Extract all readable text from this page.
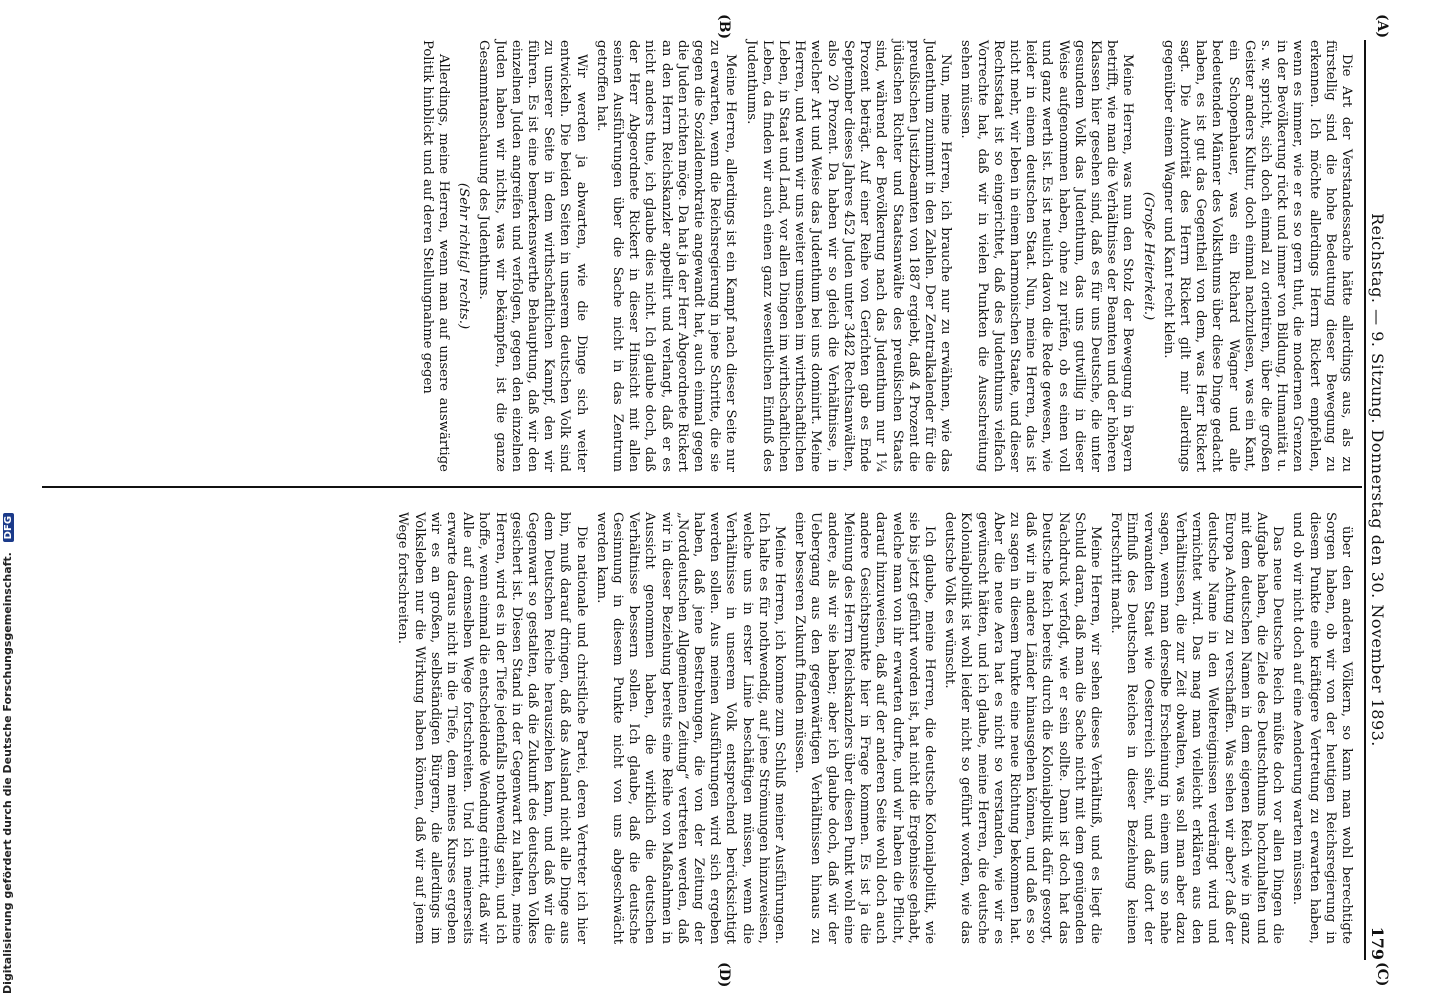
Reichstag. — 9. Sitzung. Donnerstag den 30. November 1893.
179
(A)
(B)
(C)
(D)

Die Art der Verstandessache hätte allerdings aus, als zu fürstellig sind die hohe Bedeutung dieser Bewegung zu erkennen. Ich möchte allerdings Herrn Rickert empfehlen, wenn es immer, wie er es so gern thut, die modernen Grenzen in der Bevölkerung rückt und immer von Bildung, Humanität u. s. w. spricht, sich doch einmal zu orientiren, über die großen Geister anders Kultur, doch einmal nachzulesen, was ein Kant, ein Schopenhauer, was ein Richard Wagner und alle bedeutenden Männer des Volksthums über diese Dinge gedacht haben, es ist gut das Gegentheil von dem, was Herr Rickert sagt. Die Autorität des Herrn Rickert gilt mir allerdings gegenüber einem Wagner und Kant recht klein.

(Große Heiterkeit.)

Meine Herren, was nun den Stolz der Bewegung in Bayern betrifft, wie man die Verhältnisse der Beamten und der höheren Klassen hier gesehen sind, daß es für uns Deutsche, die unter gesundem Volk das Judenthum, das uns gutwillig in dieser Weise aufgenommen haben, ohne zu prüfen, ob es einen voll und ganz werth ist. Es ist neulich davon die Rede gewesen, wie leider in einem deutschen Staat. Nun, meine Herren, das ist nicht mehr, wir leben in einem harmonischen Staate, und dieser Rechtsstaat ist so eingerichtet, daß des Judenthums vielfach Vorrechte hat, daß wir in vielen Punkten die Ausschreitung sehen müssen.

Nun, meine Herren, ich brauche nur zu erwähnen, wie das Judenthum zunimmt in den Zahlen. Der Zentralkalender für die preußischen Justizbeamten von 1887 ergiebt, daß 4 Prozent die jüdischen Richter und Staatsanwälte des preußischen Staats sind, während der Bevölkerung nach das Judenthum nur 1¼ Prozent beträgt. Auf einer Reihe von Gerichten gab es Ende September dieses Jahres 452 Juden unter 3482 Rechtsanwälten, also 20 Prozent. Da haben wir so gleich die Verhältnisse, in welcher Art und Weise das Judenthum bei uns dominirt. Meine Herren, und wenn wir uns weiter umsehen im wirthschaftlichen Leben, in Staat und Land, vor allen Dingen im wirthschaftlichen Leben, da finden wir auch einen ganz wesentlichen Einfluß des Judenthums.

Meine Herren, allerdings ist ein Kampf nach dieser Seite nur zu erwarten, wenn die Reichsregierung in jene Schritte, die sie gegen die Sozialdemokratie angewandt hat, auch einmal gegen die Juden richten möge. Da hat ja der Herr Abgeordnete Rickert an den Herrn Reichskanzler appellirt und verlangt, daß er es nicht anders thue, ich glaube dies nicht. Ich glaube doch, daß der Herr Abgeordnete Rickert in dieser Hinsicht mit allen seinen Ausführungen über die Sache nicht in das Zentrum getroffen hat.

Wir werden ja abwarten, wie die Dinge sich weiter entwickeln. Die beiden Seiten in unserem deutschen Volk sind zu unserer Seite in dem wirthschaftlichen Kampf, den wir führen. Es ist eine bemerkenswerthe Behauptung, daß wir den einzelnen Juden angreifen und verfolgen, gegen den einzelnen Juden haben wir nichts, was wir bekämpfen, ist die ganze Gesammtanschauung des Judenthums.

(Sehr richtig! rechts.)

Allerdings, meine Herren, wenn man auf unsere auswärtige Politik hinblickt und auf deren Stellungnahme gegen

über den anderen Völkern, so kann man wohl berechtigte Sorgen haben, ob wir von der heutigen Reichsregierung in diesem Punkte eine kräftigere Vertretung zu erwarten haben, und ob wir nicht doch auf eine Aenderung warten müssen.

Das neue Deutsche Reich müßte doch vor allen Dingen die Aufgabe haben, die Ziele des Deutschthums hochzuhalten und mit dem deutschen Namen in dem eigenen Reich wie in ganz Europa Achtung zu verschaffen. Was sehen wir aber? daß der deutsche Name in den Weltereignissen verdrängt wird und vernichtet wird. Das mag man vielleicht erklären aus den Verhältnissen, die zur Zeit obwalten, was soll man aber dazu sagen, wenn man derselbe Erscheinung in einem uns so nahe verwandten Staat wie Oesterreich sieht, und daß dort der Einfluß des Deutschen Reiches in dieser Beziehung keinen Fortschritt macht.

Meine Herren, wir sehen dieses Verhältniß, und es liegt die Schuld daran, daß man die Sache nicht mit dem genügenden Nachdruck verfolgt, wie er sein sollte. Dann ist doch hat das Deutsche Reich bereits durch die Kolonialpolitik dafür gesorgt, daß wir in andere Länder hinausgehen können, und daß es so zu sagen in diesem Punkte eine neue Richtung bekommen hat. Aber die neue Aera hat es nicht so verstanden, wie wir es gewünscht hätten, und ich glaube, meine Herren, die deutsche Kolonialpolitik ist wohl leider nicht so geführt worden, wie das deutsche Volk es wünscht.

Ich glaube, meine Herren, die deutsche Kolonialpolitik, wie sie bis jetzt geführt worden ist, hat nicht die Ergebnisse gehabt, welche man von ihr erwarten durfte, und wir haben die Pflicht, darauf hinzuweisen, daß auf der anderen Seite wohl doch auch andere Gesichtspunkte hier in Frage kommen. Es ist ja die Meinung des Herrn Reichskanzlers über diesen Punkt wohl eine andere, als wir sie haben; aber ich glaube doch, daß wir der Uebergang aus den gegenwärtigen Verhältnissen hinaus zu einer besseren Zukunft finden müssen.

Meine Herren, ich komme zum Schluß meiner Ausführungen. Ich halte es für nothwendig, auf jene Strömungen hinzuweisen, welche uns in erster Linie beschäftigen müssen, wenn die Verhältnisse in unserem Volk entsprechend berücksichtigt werden sollen. Aus meinen Ausführungen wird sich ergeben haben, daß jene Bestrebungen, die von der Zeitung der „Norddeutschen Allgemeinen Zeitung“ vertreten werden, daß wir in dieser Beziehung bereits eine Reihe von Maßnahmen in Aussicht genommen haben, die wirklich die deutschen Verhältnisse bessern sollen. Ich glaube, daß die deutsche Gesinnung in diesem Punkte nicht von uns abgeschwächt werden kann.

Die nationale und christliche Partei, deren Vertreter ich hier bin, muß darauf dringen, daß das Ausland nicht alle Dinge aus dem Deutschen Reiche herausziehen kann, und daß wir die Gegenwart so gestalten, daß die Zukunft des deutschen Volkes gesichert ist. Diesen Stand in der Gegenwart zu halten, meine Herren, wird es in der Tiefe jedenfalls nothwendig sein, und ich hoffe, wenn einmal die entscheidende Wendung eintritt, daß wir Alle auf demselben Wege fortschreiten. Und ich meinerseits erwarte daraus nicht in die Tiefe, dem meines Kurses ergeben wir es an großen, selbständigen Bürgern, die allerdings im Volksleben nur die Wirkung haben können, daß wir auf jenem Wege fortschreiten.

Digitalisierung gefördert durch die Deutsche Forschungsgemeinschaft. DFG
